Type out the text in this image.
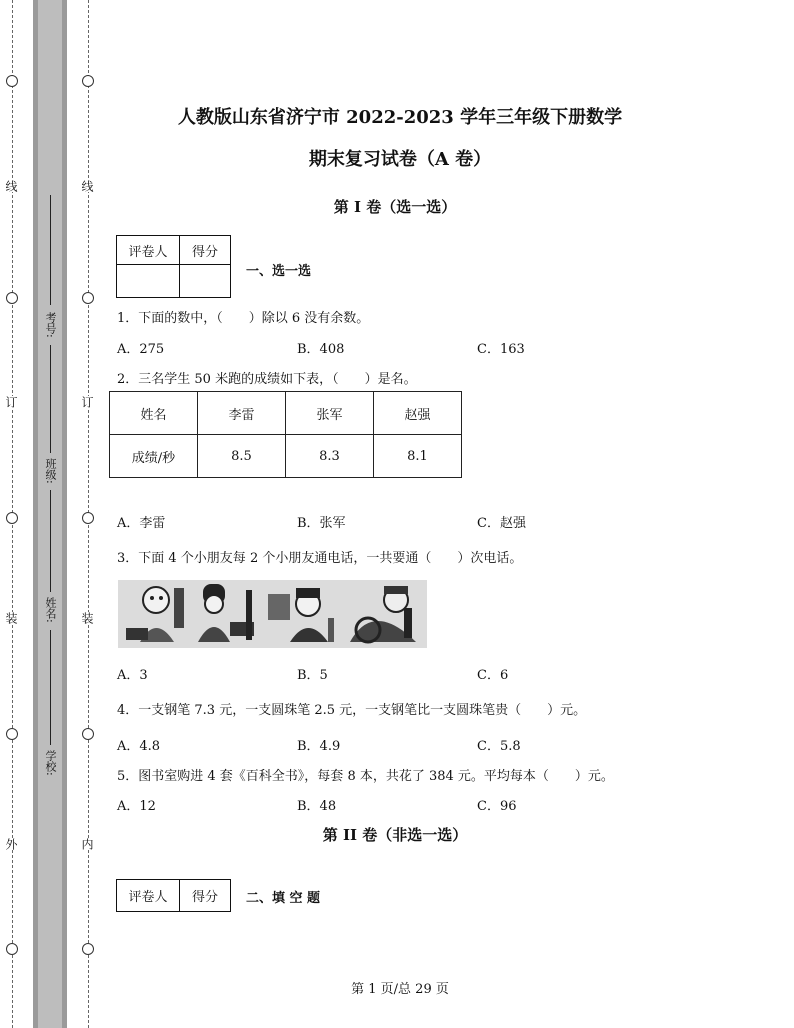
线
订
装
外
线
订
装
内
考号:
班级:
姓名:
学校:
人教版山东省济宁市 2022-2023 学年三年级下册数学
期末复习试卷（A 卷）
第 I 卷（选一选）
评卷人	得分

一、选一选
1．下面的数中，（　　）除以 6 没有余数。
A．275	B．408	C．163
2．三名学生 50 米跑的成绩如下表，（　　）是名。
姓名	李雷	张军	赵强
成绩/秒	8.5	8.3	8.1
A．李雷	B．张军	C．赵强
3．下面 4 个小朋友每 2 个小朋友通电话，一共要通（　　）次电话。
A．3	B．5	C．6
4．一支钢笔 7.3 元，一支圆珠笔 2.5 元，一支钢笔比一支圆珠笔贵（　　）元。
A．4.8	B．4.9	C．5.8
5．图书室购进 4 套《百科全书》，每套 8 本，共花了 384 元。平均每本（　　）元。
A．12	B．48	C．96
第 II 卷（非选一选）
评卷人	得分 二、填 空 题
第 1 页/总 29 页
